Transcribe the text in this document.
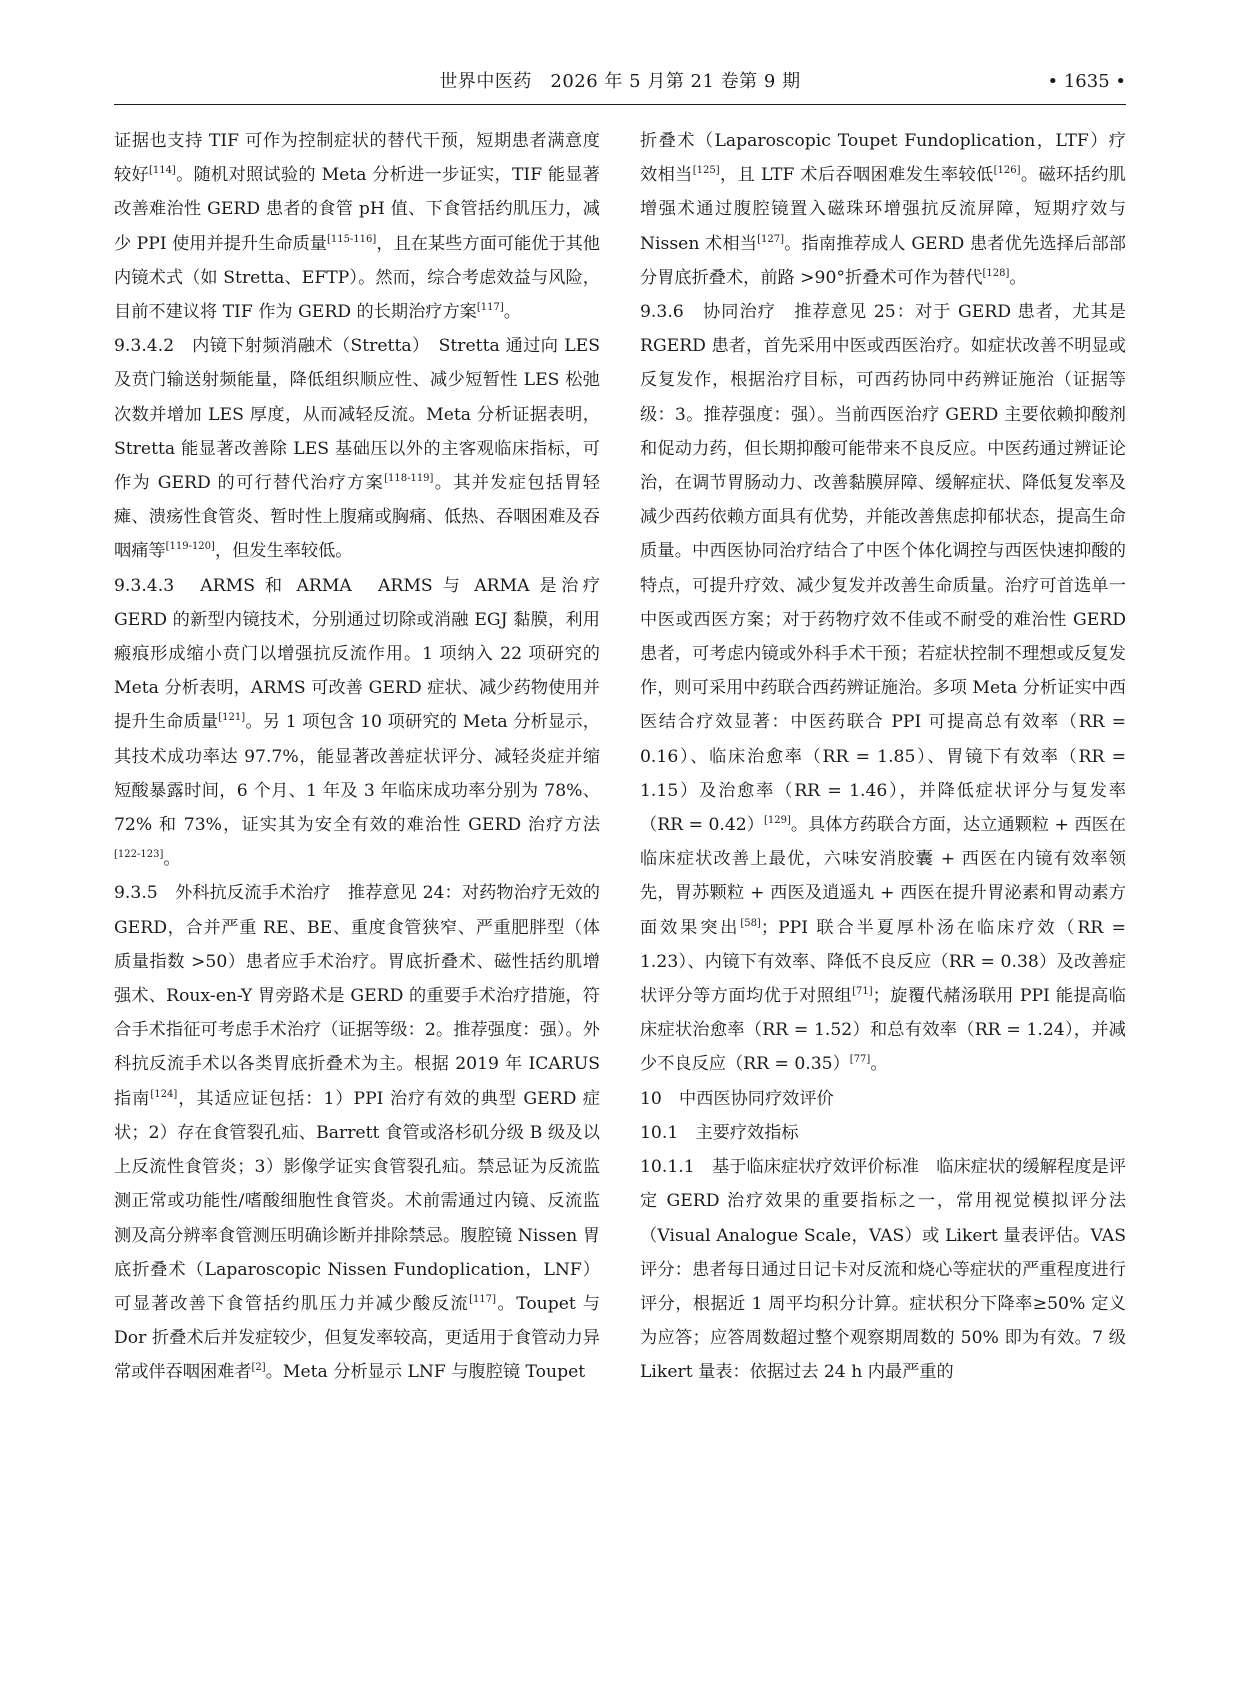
世界中医药　2026 年 5 月第 21 卷第 9 期	• 1635 •

证据也支持 TIF 可作为控制症状的替代干预，短期患者满意度较好[114]。随机对照试验的 Meta 分析进一步证实，TIF 能显著改善难治性 GERD 患者的食管 pH 值、下食管括约肌压力，减少 PPI 使用并提升生命质量[115-116]，且在某些方面可能优于其他内镜术式（如 Stretta、EFTP）。然而，综合考虑效益与风险，目前不建议将 TIF 作为 GERD 的长期治疗方案[117]。

9.3.4.2　内镜下射频消融术（Stretta）　Stretta 通过向 LES 及贲门输送射频能量，降低组织顺应性、减少短暂性 LES 松弛次数并增加 LES 厚度，从而减轻反流。Meta 分析证据表明，Stretta 能显著改善除 LES 基础压以外的主客观临床指标，可作为 GERD 的可行替代治疗方案[118-119]。其并发症包括胃轻瘫、溃疡性食管炎、暂时性上腹痛或胸痛、低热、吞咽困难及吞咽痛等[119-120]，但发生率较低。

9.3.4.3　ARMS 和 ARMA　ARMS 与 ARMA 是治疗 GERD 的新型内镜技术，分别通过切除或消融 EGJ 黏膜，利用瘢痕形成缩小贲门以增强抗反流作用。1 项纳入 22 项研究的 Meta 分析表明，ARMS 可改善 GERD 症状、减少药物使用并提升生命质量[121]。另 1 项包含 10 项研究的 Meta 分析显示，其技术成功率达 97.7%，能显著改善症状评分、减轻炎症并缩短酸暴露时间，6 个月、1 年及 3 年临床成功率分别为 78%、72% 和 73%，证实其为安全有效的难治性 GERD 治疗方法[122-123]。

9.3.5　外科抗反流手术治疗　推荐意见 24：对药物治疗无效的 GERD，合并严重 RE、BE、重度食管狭窄、严重肥胖型（体质量指数 >50）患者应手术治疗。胃底折叠术、磁性括约肌增强术、Roux-en-Y 胃旁路术是 GERD 的重要手术治疗措施，符合手术指征可考虑手术治疗（证据等级：2。推荐强度：强）。外科抗反流手术以各类胃底折叠术为主。根据 2019 年 ICARUS 指南[124]，其适应证包括：1）PPI 治疗有效的典型 GERD 症状；2）存在食管裂孔疝、Barrett 食管或洛杉矶分级 B 级及以上反流性食管炎；3）影像学证实食管裂孔疝。禁忌证为反流监测正常或功能性/嗜酸细胞性食管炎。术前需通过内镜、反流监测及高分辨率食管测压明确诊断并排除禁忌。腹腔镜 Nissen 胃底折叠术（Laparoscopic Nissen Fundoplication，LNF）可显著改善下食管括约肌压力并减少酸反流[117]。Toupet 与 Dor 折叠术后并发症较少，但复发率较高，更适用于食管动力异常或伴吞咽困难者[2]。Meta 分析显示 LNF 与腹腔镜 Toupet

折叠术（Laparoscopic Toupet Fundoplication，LTF）疗效相当[125]，且 LTF 术后吞咽困难发生率较低[126]。磁环括约肌增强术通过腹腔镜置入磁珠环增强抗反流屏障，短期疗效与 Nissen 术相当[127]。指南推荐成人 GERD 患者优先选择后部部分胃底折叠术，前路 >90°折叠术可作为替代[128]。

9.3.6　协同治疗　推荐意见 25：对于 GERD 患者，尤其是 RGERD 患者，首先采用中医或西医治疗。如症状改善不明显或反复发作，根据治疗目标，可西药协同中药辨证施治（证据等级：3。推荐强度：强）。当前西医治疗 GERD 主要依赖抑酸剂和促动力药，但长期抑酸可能带来不良反应。中医药通过辨证论治，在调节胃肠动力、改善黏膜屏障、缓解症状、降低复发率及减少西药依赖方面具有优势，并能改善焦虑抑郁状态，提高生命质量。中西医协同治疗结合了中医个体化调控与西医快速抑酸的特点，可提升疗效、减少复发并改善生命质量。治疗可首选单一中医或西医方案；对于药物疗效不佳或不耐受的难治性 GERD 患者，可考虑内镜或外科手术干预；若症状控制不理想或反复发作，则可采用中药联合西药辨证施治。多项 Meta 分析证实中西医结合疗效显著：中医药联合 PPI 可提高总有效率（RR = 0.16）、临床治愈率（RR = 1.85）、胃镜下有效率（RR = 1.15）及治愈率（RR = 1.46），并降低症状评分与复发率（RR = 0.42）[129]。具体方药联合方面，达立通颗粒 + 西医在临床症状改善上最优，六味安消胶囊 + 西医在内镜有效率领先，胃苏颗粒 + 西医及逍遥丸 + 西医在提升胃泌素和胃动素方面效果突出[58]；PPI 联合半夏厚朴汤在临床疗效（RR = 1.23）、内镜下有效率、降低不良反应（RR = 0.38）及改善症状评分等方面均优于对照组[71]；旋覆代赭汤联用 PPI 能提高临床症状治愈率（RR = 1.52）和总有效率（RR = 1.24），并减少不良反应（RR = 0.35）[77]。

10　中西医协同疗效评价

10.1　主要疗效指标

10.1.1　基于临床症状疗效评价标准　临床症状的缓解程度是评定 GERD 治疗效果的重要指标之一，常用视觉模拟评分法（Visual Analogue Scale，VAS）或 Likert 量表评估。VAS 评分：患者每日通过日记卡对反流和烧心等症状的严重程度进行评分，根据近 1 周平均积分计算。症状积分下降率≥50% 定义为应答；应答周数超过整个观察期周数的 50% 即为有效。7 级 Likert 量表：依据过去 24 h 内最严重的
